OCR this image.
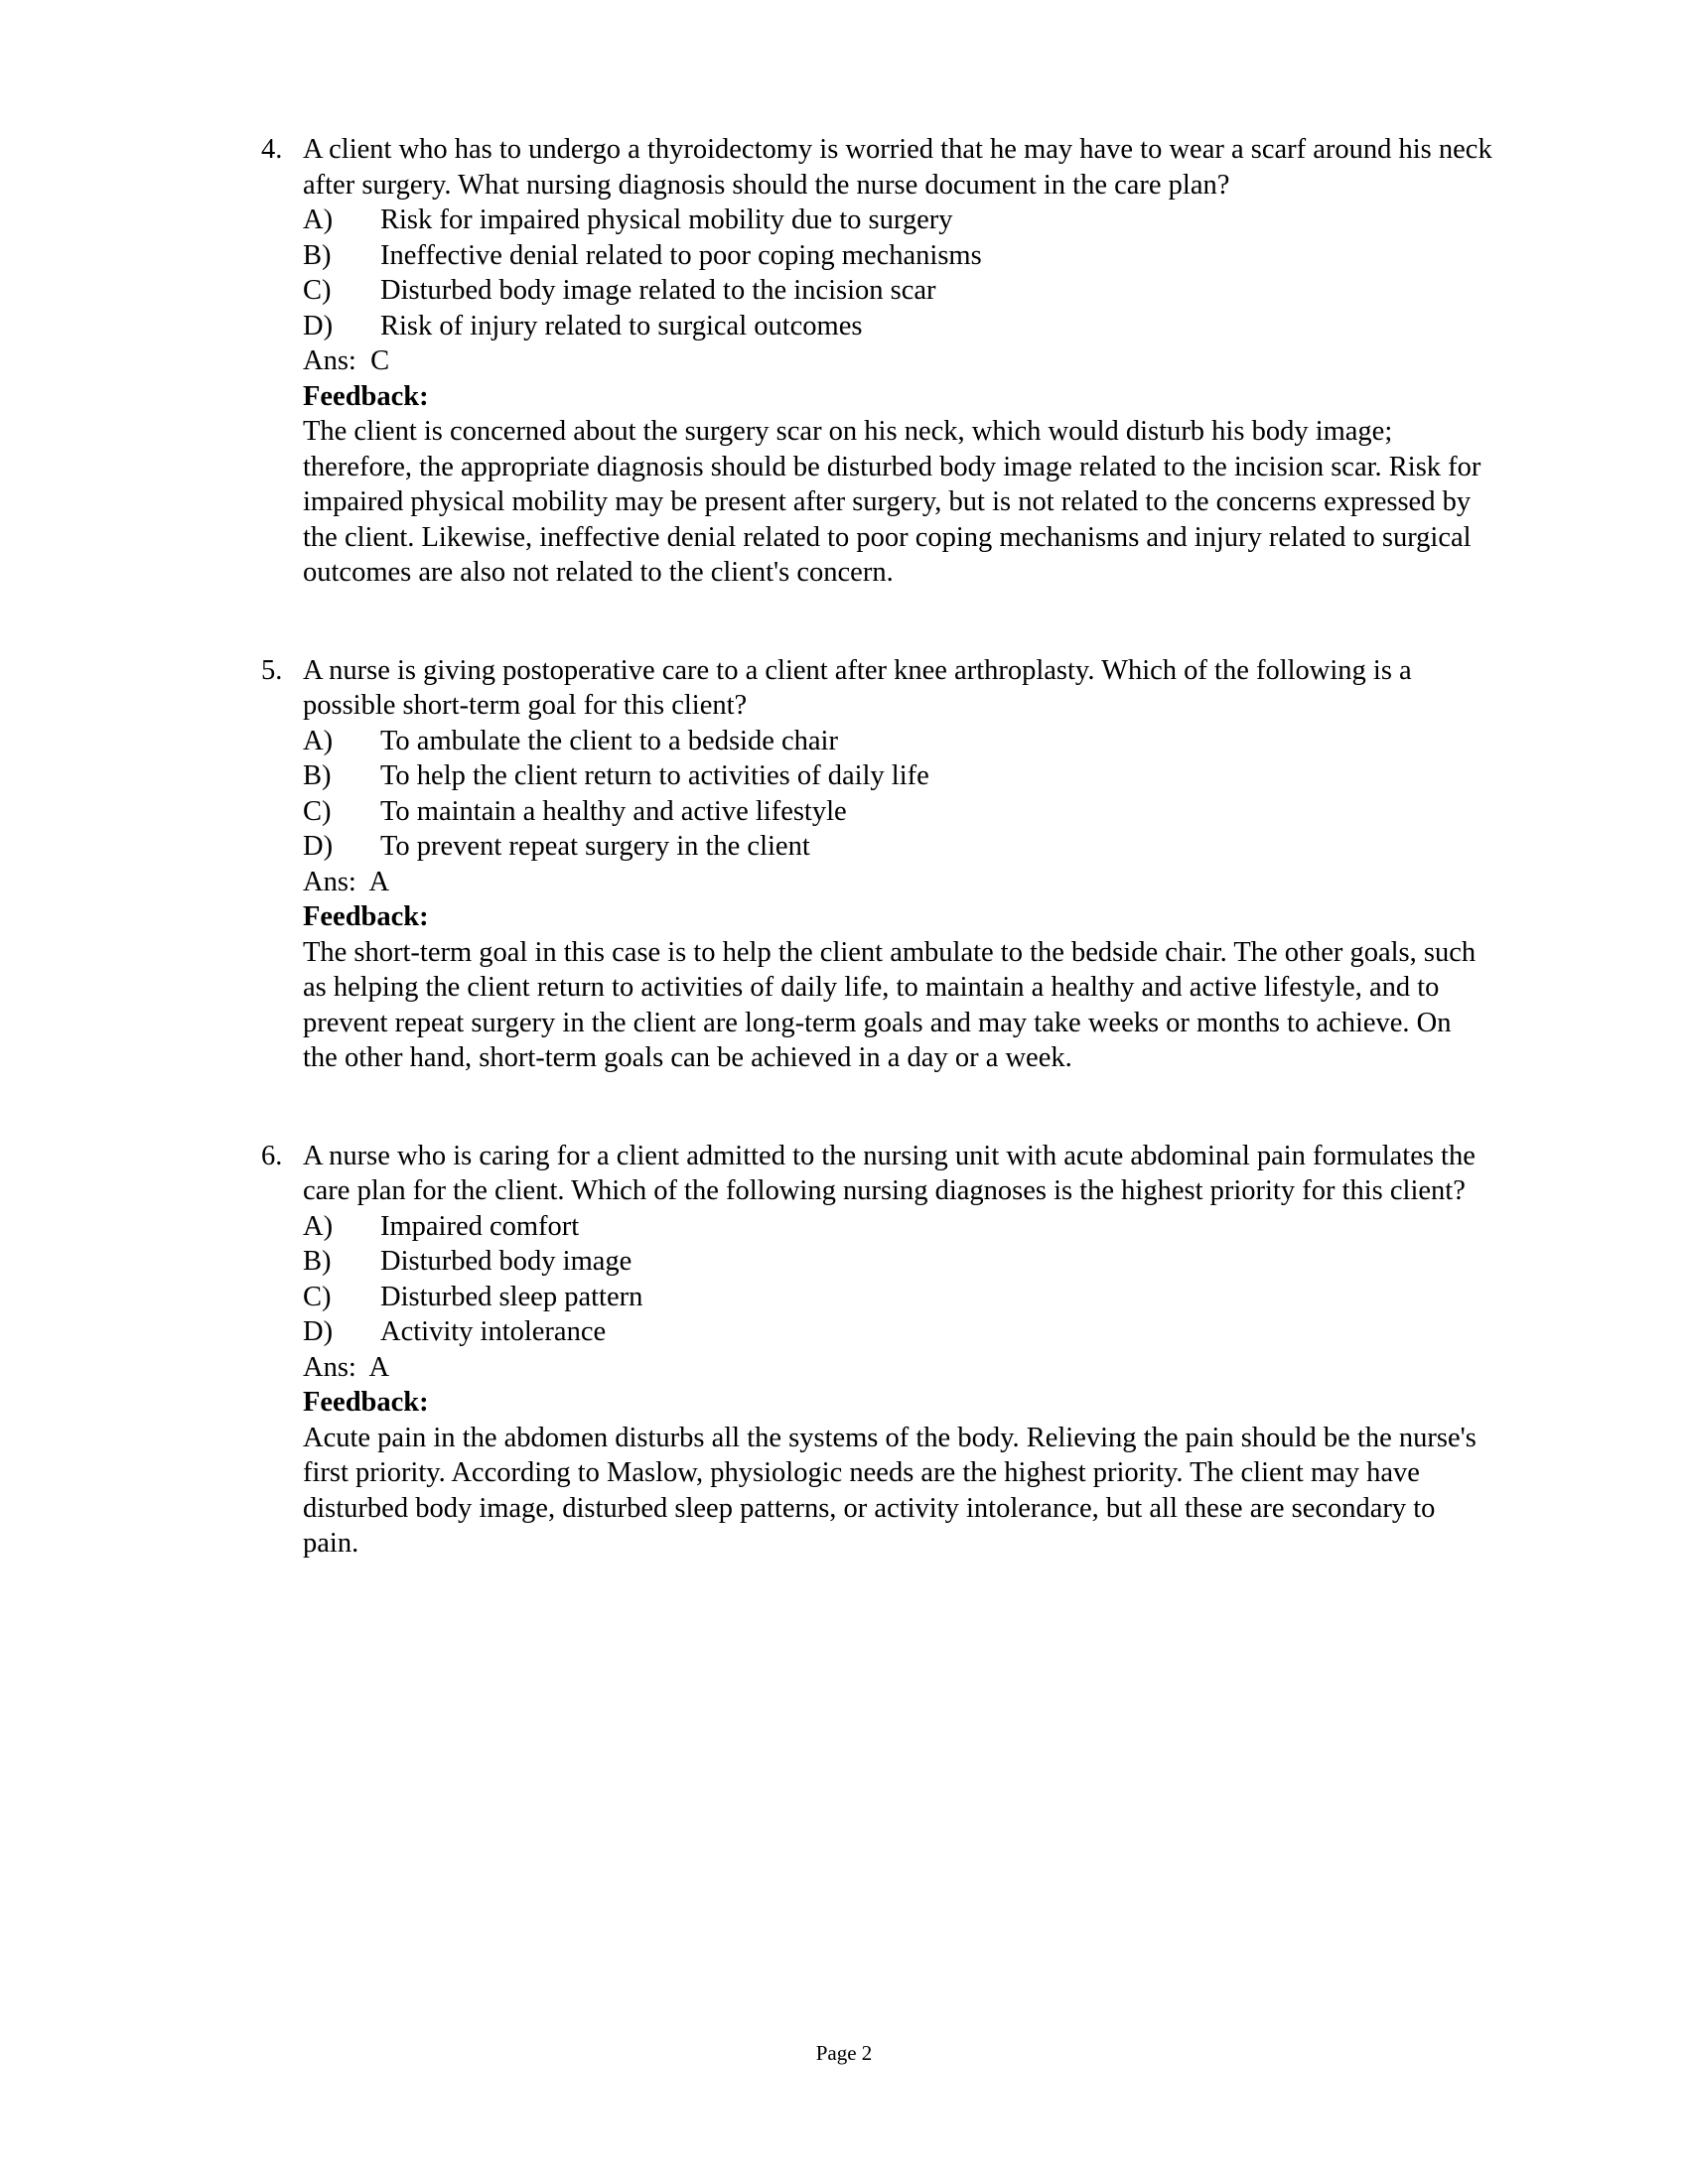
4. A client who has to undergo a thyroidectomy is worried that he may have to wear a scarf around his neck after surgery. What nursing diagnosis should the nurse document in the care plan?
A)	Risk for impaired physical mobility due to surgery
B)	Ineffective denial related to poor coping mechanisms
C)	Disturbed body image related to the incision scar
D)	Risk of injury related to surgical outcomes
Ans:  C
Feedback:
The client is concerned about the surgery scar on his neck, which would disturb his body image; therefore, the appropriate diagnosis should be disturbed body image related to the incision scar. Risk for impaired physical mobility may be present after surgery, but is not related to the concerns expressed by the client. Likewise, ineffective denial related to poor coping mechanisms and injury related to surgical outcomes are also not related to the client's concern.
5. A nurse is giving postoperative care to a client after knee arthroplasty. Which of the following is a possible short-term goal for this client?
A)	To ambulate the client to a bedside chair
B)	To help the client return to activities of daily life
C)	To maintain a healthy and active lifestyle
D)	To prevent repeat surgery in the client
Ans:  A
Feedback:
The short-term goal in this case is to help the client ambulate to the bedside chair. The other goals, such as helping the client return to activities of daily life, to maintain a healthy and active lifestyle, and to prevent repeat surgery in the client are long-term goals and may take weeks or months to achieve. On the other hand, short-term goals can be achieved in a day or a week.
6. A nurse who is caring for a client admitted to the nursing unit with acute abdominal pain formulates the care plan for the client. Which of the following nursing diagnoses is the highest priority for this client?
A)	Impaired comfort
B)	Disturbed body image
C)	Disturbed sleep pattern
D)	Activity intolerance
Ans:  A
Feedback:
Acute pain in the abdomen disturbs all the systems of the body. Relieving the pain should be the nurse's first priority. According to Maslow, physiologic needs are the highest priority. The client may have disturbed body image, disturbed sleep patterns, or activity intolerance, but all these are secondary to pain.
Page 2
